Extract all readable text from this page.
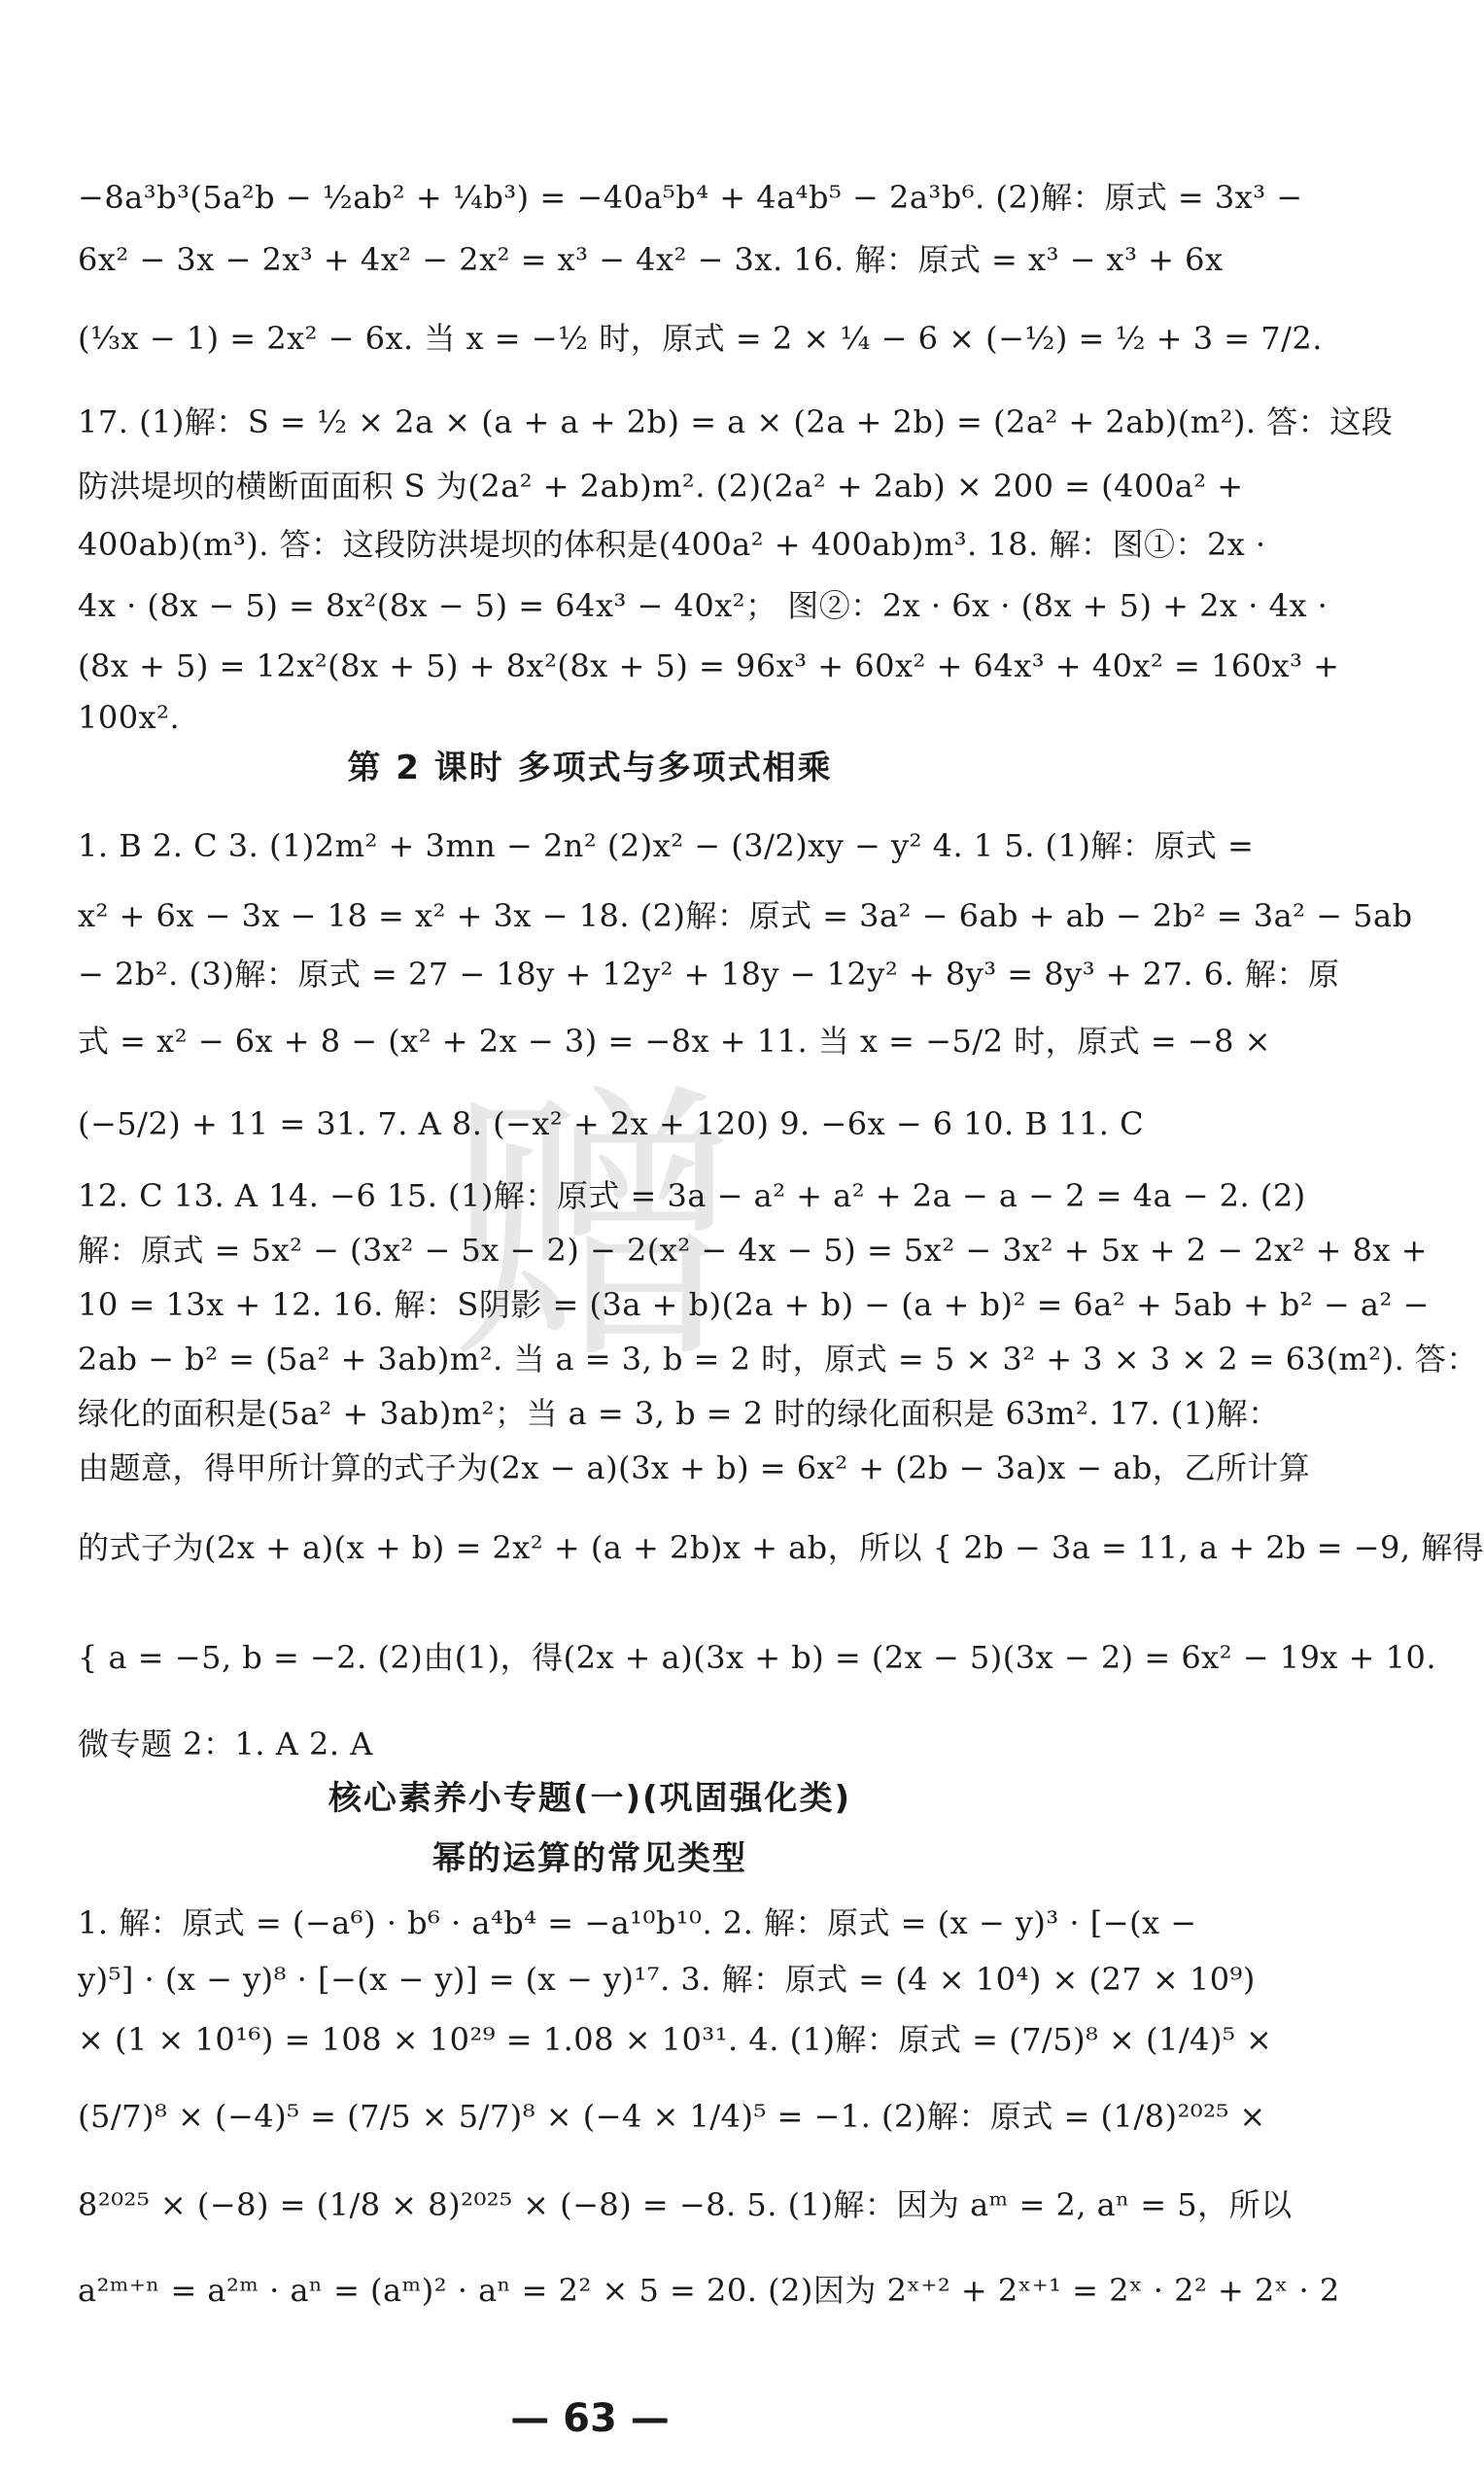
赠
−8a³b³(5a²b − ½ab² + ¼b³) = −40a⁵b⁴ + 4a⁴b⁵ − 2a³b⁶. (2)解：原式 = 3x³ −
6x² − 3x − 2x³ + 4x² − 2x² = x³ − 4x² − 3x. 16. 解：原式 = x³ − x³ + 6x
(⅓x − 1) = 2x² − 6x. 当 x = −½ 时，原式 = 2 × ¼ − 6 × (−½) = ½ + 3 = 7/2.
17. (1)解：S = ½ × 2a × (a + a + 2b) = a × (2a + 2b) = (2a² + 2ab)(m²). 答：这段
防洪堤坝的横断面面积 S 为(2a² + 2ab)m². (2)(2a² + 2ab) × 200 = (400a² +
400ab)(m³). 答：这段防洪堤坝的体积是(400a² + 400ab)m³. 18. 解：图①：2x ·
4x · (8x − 5) = 8x²(8x − 5) = 64x³ − 40x²； 图②：2x · 6x · (8x + 5) + 2x · 4x ·
(8x + 5) = 12x²(8x + 5) + 8x²(8x + 5) = 96x³ + 60x² + 64x³ + 40x² = 160x³ +
100x².
第 2 课时 多项式与多项式相乘
1. B 2. C 3. (1)2m² + 3mn − 2n² (2)x² − (3/2)xy − y² 4. 1 5. (1)解：原式 =
x² + 6x − 3x − 18 = x² + 3x − 18. (2)解：原式 = 3a² − 6ab + ab − 2b² = 3a² − 5ab
− 2b². (3)解：原式 = 27 − 18y + 12y² + 18y − 12y² + 8y³ = 8y³ + 27. 6. 解：原
式 = x² − 6x + 8 − (x² + 2x − 3) = −8x + 11. 当 x = −5/2 时，原式 = −8 ×
(−5/2) + 11 = 31. 7. A 8. (−x² + 2x + 120) 9. −6x − 6 10. B 11. C
12. C 13. A 14. −6 15. (1)解：原式 = 3a − a² + a² + 2a − a − 2 = 4a − 2. (2)
解：原式 = 5x² − (3x² − 5x − 2) − 2(x² − 4x − 5) = 5x² − 3x² + 5x + 2 − 2x² + 8x +
10 = 13x + 12. 16. 解：S阴影 = (3a + b)(2a + b) − (a + b)² = 6a² + 5ab + b² − a² −
2ab − b² = (5a² + 3ab)m². 当 a = 3, b = 2 时，原式 = 5 × 3² + 3 × 3 × 2 = 63(m²). 答：
绿化的面积是(5a² + 3ab)m²；当 a = 3, b = 2 时的绿化面积是 63m². 17. (1)解：
由题意，得甲所计算的式子为(2x − a)(3x + b) = 6x² + (2b − 3a)x − ab，乙所计算
的式子为(2x + a)(x + b) = 2x² + (a + 2b)x + ab，所以 { 2b − 3a = 11, a + 2b = −9, 解得
{ a = −5, b = −2. (2)由(1)，得(2x + a)(3x + b) = (2x − 5)(3x − 2) = 6x² − 19x + 10.
微专题 2：1. A 2. A
核心素养小专题(一)(巩固强化类)
幂的运算的常见类型
1. 解：原式 = (−a⁶) · b⁶ · a⁴b⁴ = −a¹⁰b¹⁰. 2. 解：原式 = (x − y)³ · [−(x −
y)⁵] · (x − y)⁸ · [−(x − y)] = (x − y)¹⁷. 3. 解：原式 = (4 × 10⁴) × (27 × 10⁹)
× (1 × 10¹⁶) = 108 × 10²⁹ = 1.08 × 10³¹. 4. (1)解：原式 = (7/5)⁸ × (1/4)⁵ ×
(5/7)⁸ × (−4)⁵ = (7/5 × 5/7)⁸ × (−4 × 1/4)⁵ = −1. (2)解：原式 = (1/8)²⁰²⁵ ×
8²⁰²⁵ × (−8) = (1/8 × 8)²⁰²⁵ × (−8) = −8. 5. (1)解：因为 aᵐ = 2, aⁿ = 5，所以
a²ᵐ⁺ⁿ = a²ᵐ · aⁿ = (aᵐ)² · aⁿ = 2² × 5 = 20. (2)因为 2ˣ⁺² + 2ˣ⁺¹ = 2ˣ · 2² + 2ˣ · 2
— 63 —
